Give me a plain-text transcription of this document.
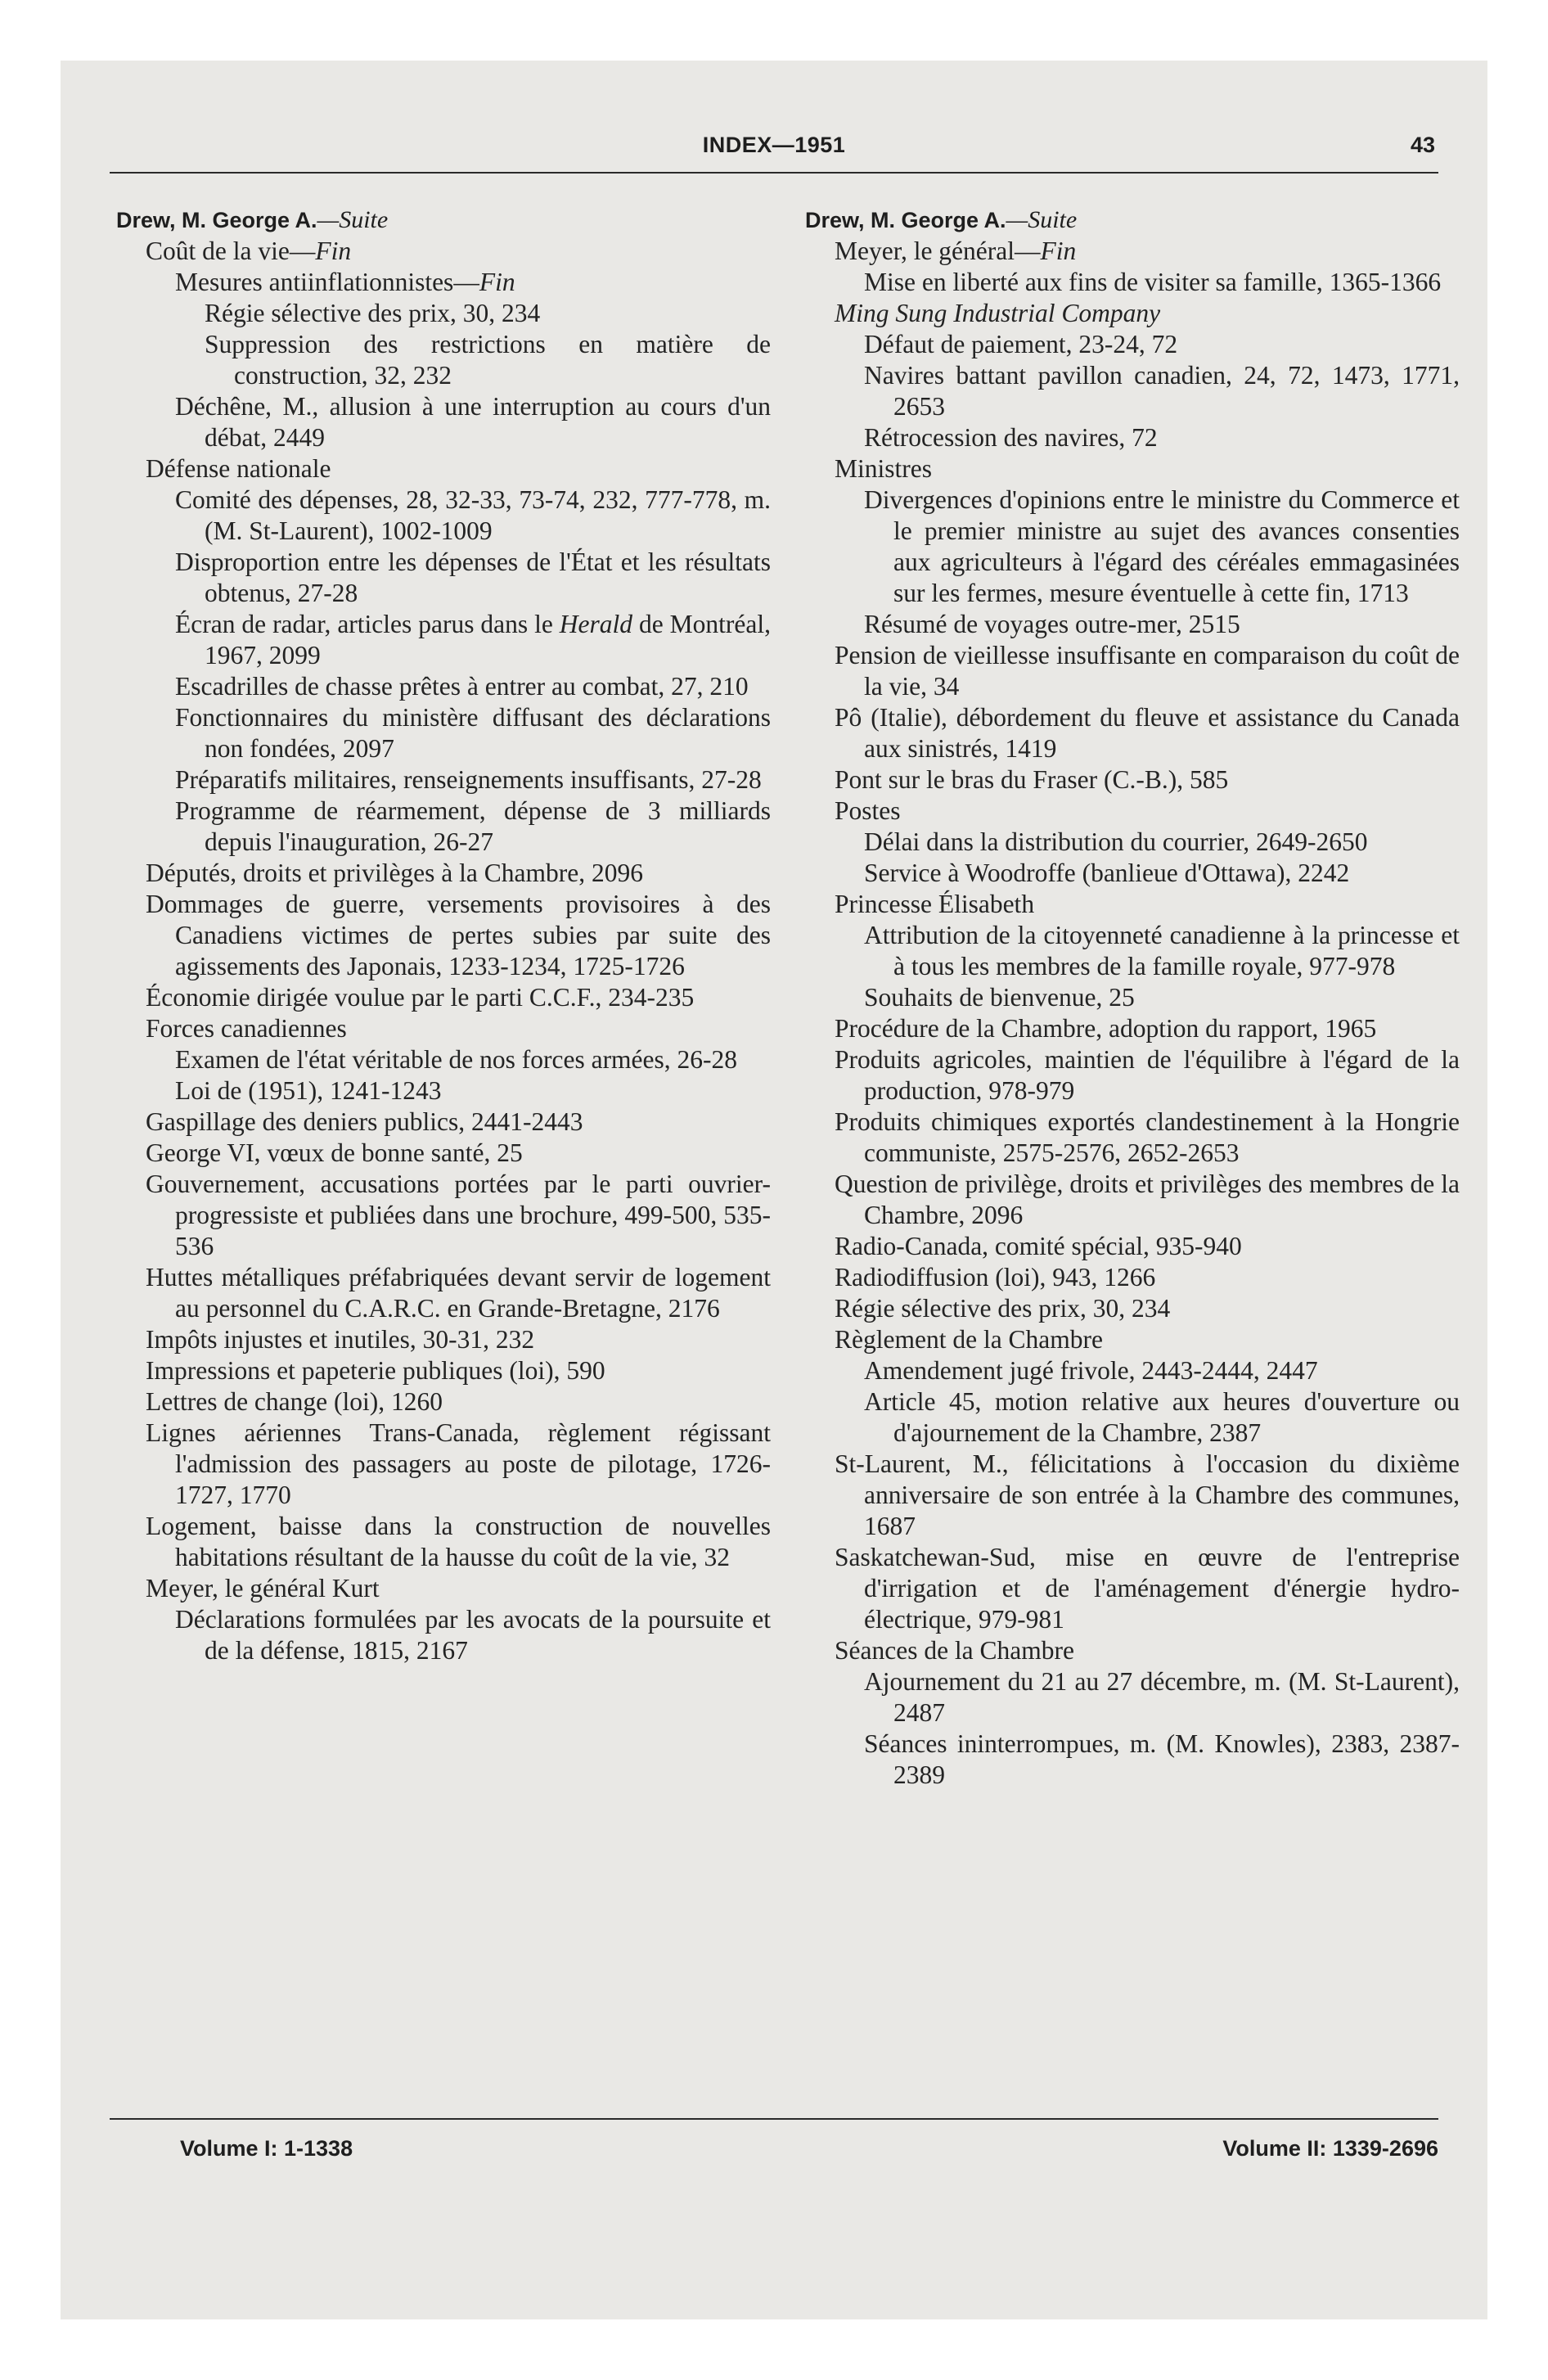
INDEX—1951	43
Drew, M. George A.—Suite

Coût de la vie—Fin

Mesures antiinflationnistes—Fin

Régie sélective des prix, 30, 234

Suppression des restrictions en matière de construction, 32, 232

Déchêne, M., allusion à une interruption au cours d'un débat, 2449

Défense nationale

Comité des dépenses, 28, 32-33, 73-74, 232, 777-778, m. (M. St-Laurent), 1002-1009

Disproportion entre les dépenses de l'État et les résultats obtenus, 27-28

Écran de radar, articles parus dans le Herald de Montréal, 1967, 2099

Escadrilles de chasse prêtes à entrer au combat, 27, 210

Fonctionnaires du ministère diffusant des déclarations non fondées, 2097

Préparatifs militaires, renseignements insuffisants, 27-28

Programme de réarmement, dépense de 3 milliards depuis l'inauguration, 26-27

Députés, droits et privilèges à la Chambre, 2096

Dommages de guerre, versements provisoires à des Canadiens victimes de pertes subies par suite des agissements des Japonais, 1233-1234, 1725-1726

Économie dirigée voulue par le parti C.C.F., 234-235

Forces canadiennes

Examen de l'état véritable de nos forces armées, 26-28

Loi de (1951), 1241-1243

Gaspillage des deniers publics, 2441-2443

George VI, vœux de bonne santé, 25

Gouvernement, accusations portées par le parti ouvrier-progressiste et publiées dans une brochure, 499-500, 535-536

Huttes métalliques préfabriquées devant servir de logement au personnel du C.A.R.C. en Grande-Bretagne, 2176

Impôts injustes et inutiles, 30-31, 232

Impressions et papeterie publiques (loi), 590

Lettres de change (loi), 1260

Lignes aériennes Trans-Canada, règlement régissant l'admission des passagers au poste de pilotage, 1726-1727, 1770

Logement, baisse dans la construction de nouvelles habitations résultant de la hausse du coût de la vie, 32

Meyer, le général Kurt

Déclarations formulées par les avocats de la poursuite et de la défense, 1815, 2167

Drew, M. George A.—Suite

Meyer, le général—Fin

Mise en liberté aux fins de visiter sa famille, 1365-1366

Ming Sung Industrial Company

Défaut de paiement, 23-24, 72

Navires battant pavillon canadien, 24, 72, 1473, 1771, 2653

Rétrocession des navires, 72

Ministres

Divergences d'opinions entre le ministre du Commerce et le premier ministre au sujet des avances consenties aux agriculteurs à l'égard des céréales emmagasinées sur les fermes, mesure éventuelle à cette fin, 1713

Résumé de voyages outre-mer, 2515

Pension de vieillesse insuffisante en comparaison du coût de la vie, 34

Pô (Italie), débordement du fleuve et assistance du Canada aux sinistrés, 1419

Pont sur le bras du Fraser (C.-B.), 585

Postes

Délai dans la distribution du courrier, 2649-2650

Service à Woodroffe (banlieue d'Ottawa), 2242

Princesse Élisabeth

Attribution de la citoyenneté canadienne à la princesse et à tous les membres de la famille royale, 977-978

Souhaits de bienvenue, 25

Procédure de la Chambre, adoption du rapport, 1965

Produits agricoles, maintien de l'équilibre à l'égard de la production, 978-979

Produits chimiques exportés clandestinement à la Hongrie communiste, 2575-2576, 2652-2653

Question de privilège, droits et privilèges des membres de la Chambre, 2096

Radio-Canada, comité spécial, 935-940

Radiodiffusion (loi), 943, 1266

Régie sélective des prix, 30, 234

Règlement de la Chambre

Amendement jugé frivole, 2443-2444, 2447

Article 45, motion relative aux heures d'ouverture ou d'ajournement de la Chambre, 2387

St-Laurent, M., félicitations à l'occasion du dixième anniversaire de son entrée à la Chambre des communes, 1687

Saskatchewan-Sud, mise en œuvre de l'entreprise d'irrigation et de l'aménagement d'énergie hydro-électrique, 979-981

Séances de la Chambre

Ajournement du 21 au 27 décembre, m. (M. St-Laurent), 2487

Séances ininterrompues, m. (M. Knowles), 2383, 2387-2389

Volume I: 1-1338	Volume II: 1339-2696
